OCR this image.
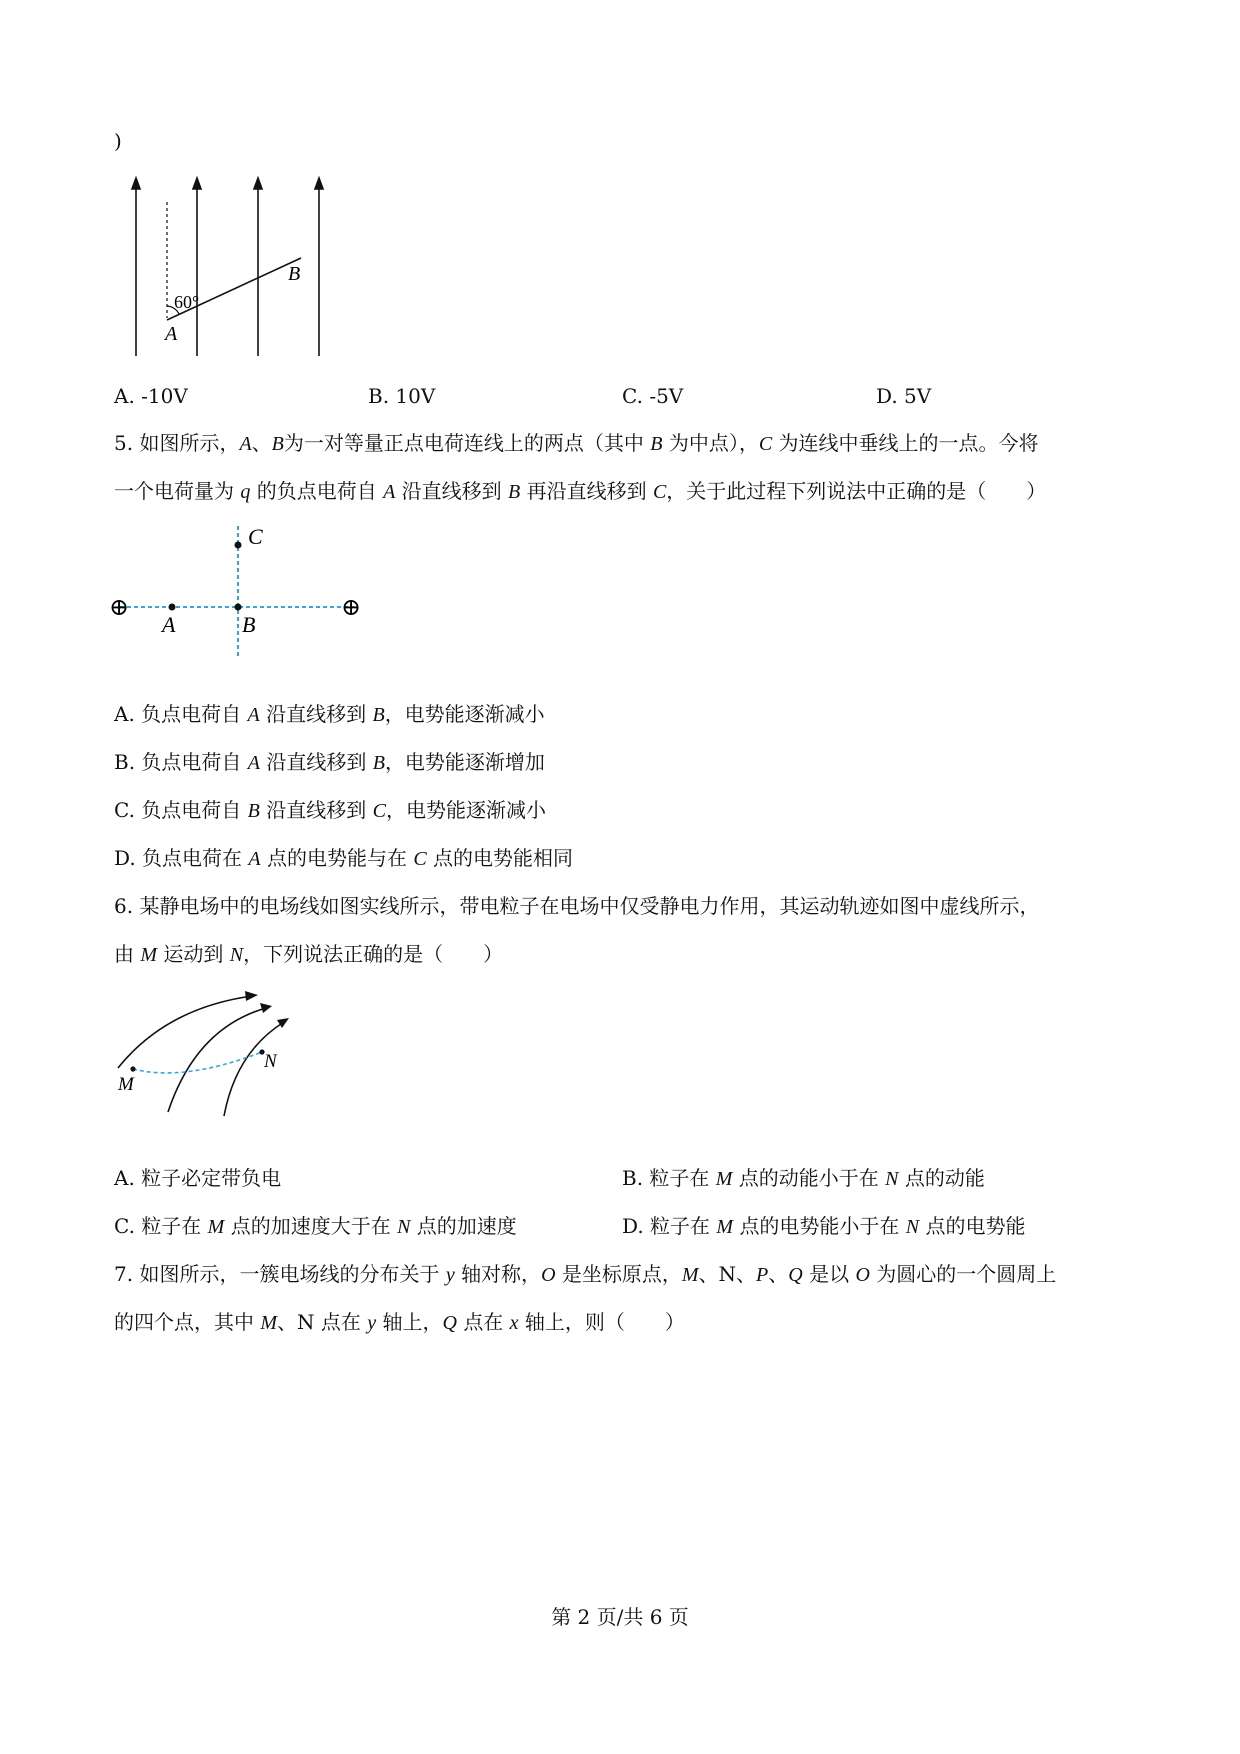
)
60°
A
B
A. -10V	B. 10V	C. -5V	D. 5V
5. 如图所示，A、B为一对等量正点电荷连线上的两点（其中 B 为中点），C 为连线中垂线上的一点。今将
一个电荷量为 q 的负点电荷自 A 沿直线移到 B 再沿直线移到 C，关于此过程下列说法中正确的是（　　）
⊕	⊕
A	B
C
A. 负点电荷自 A 沿直线移到 B，电势能逐渐减小
B. 负点电荷自 A 沿直线移到 B，电势能逐渐增加
C. 负点电荷自 B 沿直线移到 C，电势能逐渐减小
D. 负点电荷在 A 点的电势能与在 C 点的电势能相同
6. 某静电场中的电场线如图实线所示，带电粒子在电场中仅受静电力作用，其运动轨迹如图中虚线所示，
由 M 运动到 N，下列说法正确的是（　　）
M
N
A. 粒子必定带负电	B. 粒子在 M 点的动能小于在 N 点的动能
C. 粒子在 M 点的加速度大于在 N 点的加速度	D. 粒子在 M 点的电势能小于在 N 点的电势能
7. 如图所示，一簇电场线的分布关于 y 轴对称，O 是坐标原点，M、N、P、Q 是以 O 为圆心的一个圆周上
的四个点，其中 M、N 点在 y 轴上，Q 点在 x 轴上，则（　　）
第 2 页/共 6 页
